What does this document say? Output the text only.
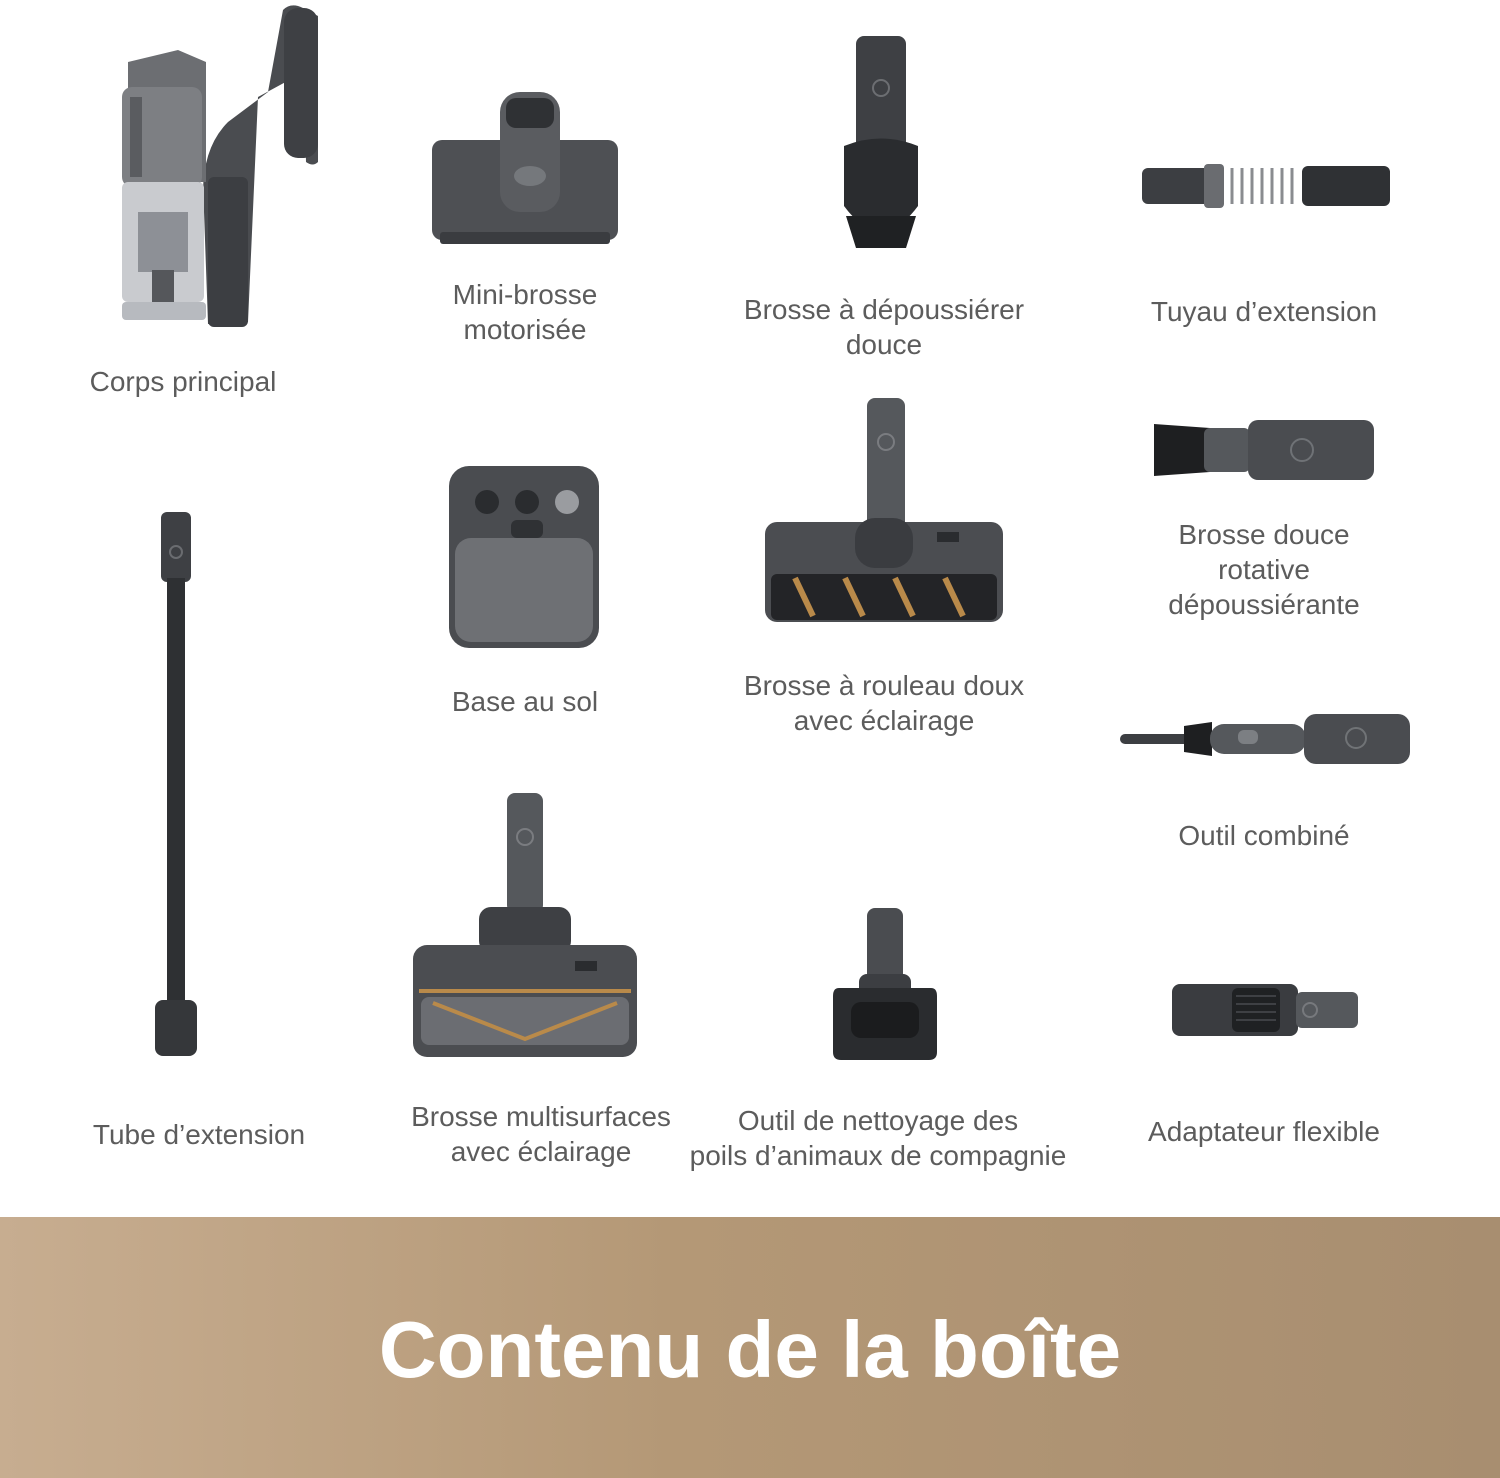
Corps principal
Mini-brosse
motorisée
Brosse à dépoussiérer
douce
Tuyau d’extension
Brosse douce rotative
dépoussiérante
Base au sol
Brosse à rouleau doux
avec éclairage
Outil combiné
Tube d’extension
Brosse multisurfaces
avec éclairage
Outil de nettoyage des
poils d’animaux de compagnie
Adaptateur flexible
Contenu de la boîte
